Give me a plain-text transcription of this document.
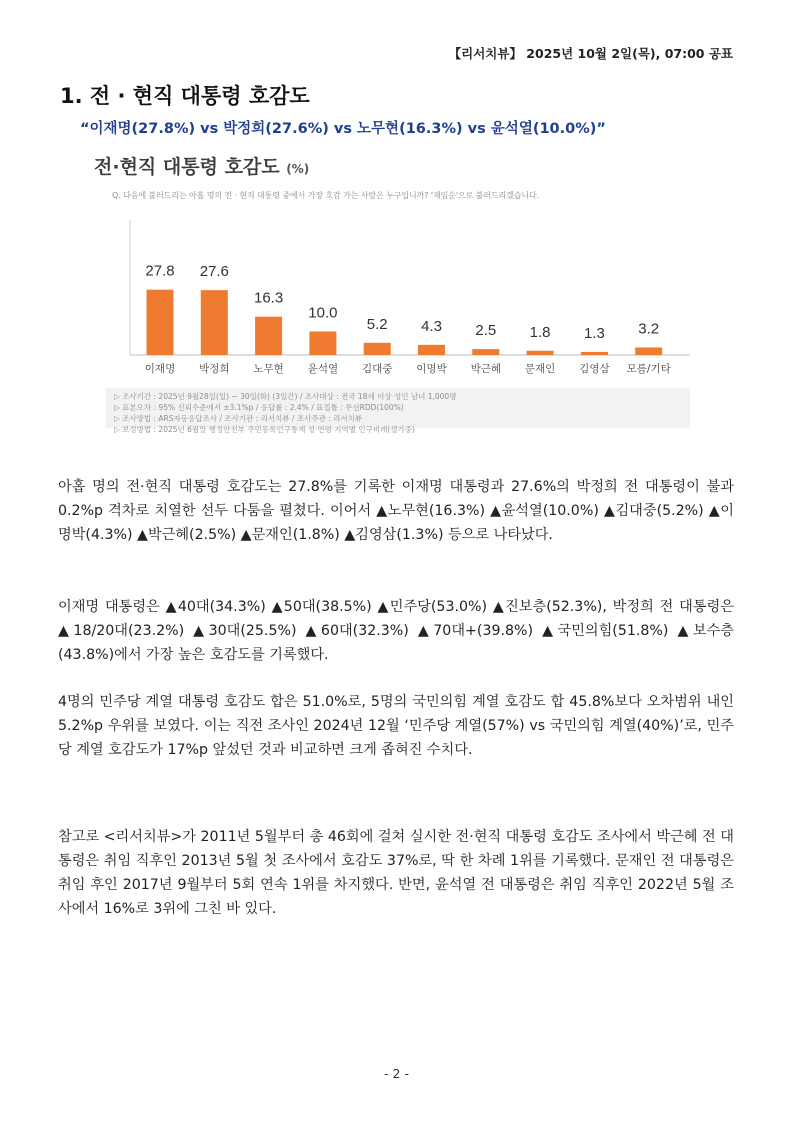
【리서치뷰】 2025년 10월 2일(목), 07:00 공표
1. 전 · 현직 대통령 호감도
“이재명(27.8%) vs 박정희(27.6%) vs 노무현(16.3%) vs 윤석열(10.0%)”
전·현직 대통령 호감도 (%)
Q. 다음에 불러드리는 아홉 명의 전 · 현직 대통령 중에서 가장 호감 가는 사람은 누구입니까? '재임순'으로 불러드리겠습니다.
27.8
이재명
27.6
박정희
16.3
노무현
10.0
윤석열
5.2
김대중
4.3
이명박
2.5
박근혜
1.8
문재인
1.3
김영삼
3.2
모름/기타
▷ 조사기간 : 2025년 9월28일(일) ~ 30일(화) (3일간) / 조사대상 : 전국 18세 이상 성인 남녀 1,000명
▷ 표본오차 : 95% 신뢰수준에서 ±3.1%p / 응답률 : 2.4% / 표집틀 : 무선RDD(100%)
▷ 조사방법 : ARS자동응답조사 / 조사기관 : 리서치뷰 / 조사주관 : 리서치뷰
▷ 보정방법 : 2025년 6월말 행정안전부 주민등록인구통계 성·연령·지역별 인구비례(셀가중)

아홉 명의 전·현직 대통령 호감도는 27.8%를 기록한 이재명 대통령과 27.6%의 박정희 전 대통령이 불과 0.2%p 격차로 치열한 선두 다툼을 펼쳤다. 이어서 ▲노무현(16.3%) ▲윤석열(10.0%) ▲김대중(5.2%) ▲이명박(4.3%) ▲박근혜(2.5%) ▲문재인(1.8%) ▲김영삼(1.3%) 등으로 나타났다.

이재명 대통령은 ▲40대(34.3%) ▲50대(38.5%) ▲민주당(53.0%) ▲진보층(52.3%), 박정희 전 대통령은 ▲18/20대(23.2%) ▲30대(25.5%) ▲60대(32.3%) ▲70대+(39.8%) ▲국민의힘(51.8%) ▲보수층(43.8%)에서 가장 높은 호감도를 기록했다.

4명의 민주당 계열 대통령 호감도 합은 51.0%로, 5명의 국민의힘 계열 호감도 합 45.8%보다 오차범위 내인 5.2%p 우위를 보였다. 이는 직전 조사인 2024년 12월 ‘민주당 계열(57%) vs 국민의힘 계열(40%)’로, 민주당 계열 호감도가 17%p 앞섰던 것과 비교하면 크게 좁혀진 수치다.

참고로 <리서치뷰>가 2011년 5월부터 총 46회에 걸쳐 실시한 전·현직 대통령 호감도 조사에서 박근혜 전 대통령은 취임 직후인 2013년 5월 첫 조사에서 호감도 37%로, 딱 한 차례 1위를 기록했다. 문재인 전 대통령은 취임 후인 2017년 9월부터 5회 연속 1위를 차지했다. 반면, 윤석열 전 대통령은 취임 직후인 2022년 5월 조사에서 16%로 3위에 그친 바 있다.

- 2 -
